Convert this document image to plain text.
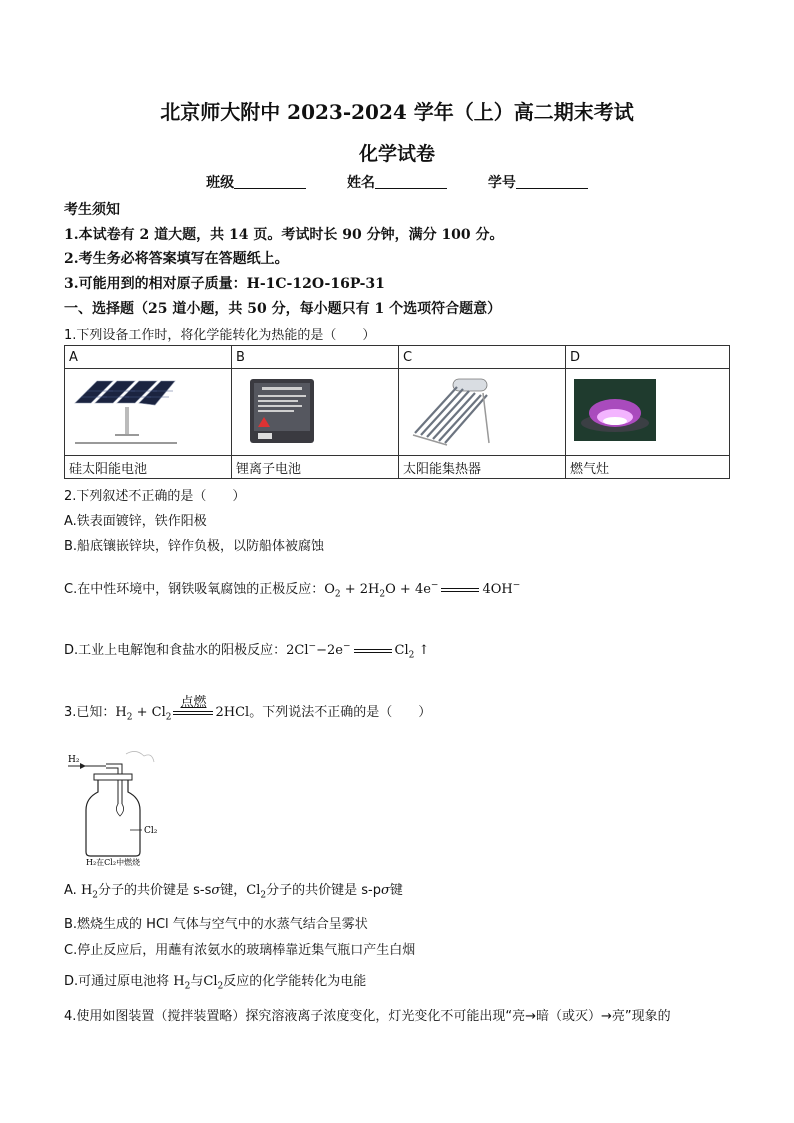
北京师大附中 2023-2024 学年（上）高二期末考试
化学试卷
班级	姓名	学号
考生须知
1.本试卷有 2 道大题，共 14 页。考试时长 90 分钟，满分 100 分。
2.考生务必将答案填写在答题纸上。
3.可能用到的相对原子质量：H-1C-12O-16P-31
一、选择题（25 道小题，共 50 分，每小题只有 1 个选项符合题意）
1.下列设备工作时，将化学能转化为热能的是（　　）
A	B	C	D

硅太阳能电池	锂离子电池	太阳能集热器	燃气灶
2.下列叙述不正确的是（　　）
A.铁表面镀锌，铁作阳极
B.船底镶嵌锌块，锌作负极，以防船体被腐蚀
C.在中性环境中，钢铁吸氧腐蚀的正极反应：$O_2 + 2H_2O + 4e^-$	4OH−
D.工业上电解饱和食盐水的阳极反应：2Cl−−2e−	$Cl_2$ ↑
3.已知：$H_2 + Cl_2$
点燃
2HCl。下列说法不正确的是（　　）
H₂
Cl₂
H₂在Cl₂中燃烧
A. $H_2$分子的共价键是 s-sσ键，$Cl_2$分子的共价键是 s-pσ键
B.燃烧生成的 HCl 气体与空气中的水蒸气结合呈雾状
C.停止反应后，用蘸有浓氨水的玻璃棒靠近集气瓶口产生白烟
D.可通过原电池将 $H_2$与$Cl_2$反应的化学能转化为电能
4.使用如图装置（搅拌装置略）探究溶液离子浓度变化，灯光变化不可能出现“亮→暗（或灭）→亮”现象的
